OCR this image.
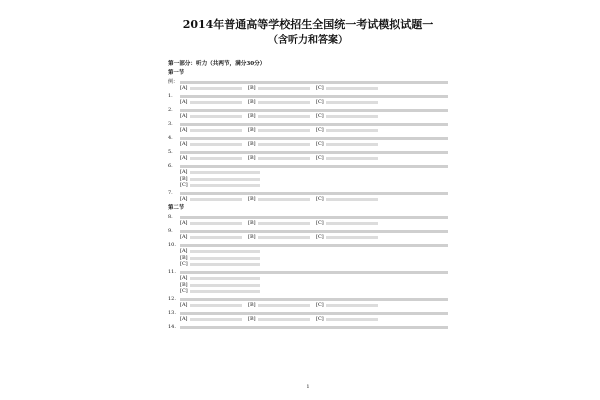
2014年普通高等学校招生全国统一考试模拟试题一

（含听力和答案）

第一部分：听力（共两节，满分30分）

第一节

例：
[A]	[B]	[C]
1.
[A]	[B]	[C]
2.
[A]	[B]	[C]
3.
[A]	[B]	[C]
4.
[A]	[B]	[C]
5.
[A]	[B]	[C]
6.
[A]
[B]
[C]
7.
[A]	[B]	[C]

第二节

8.
[A]	[B]	[C]
9.
[A]	[B]	[C]
10.
[A]
[B]
[C]
11.
[A]
[B]
[C]
12.
[A]	[B]	[C]
13.
[A]	[B]	[C]
14.
1
